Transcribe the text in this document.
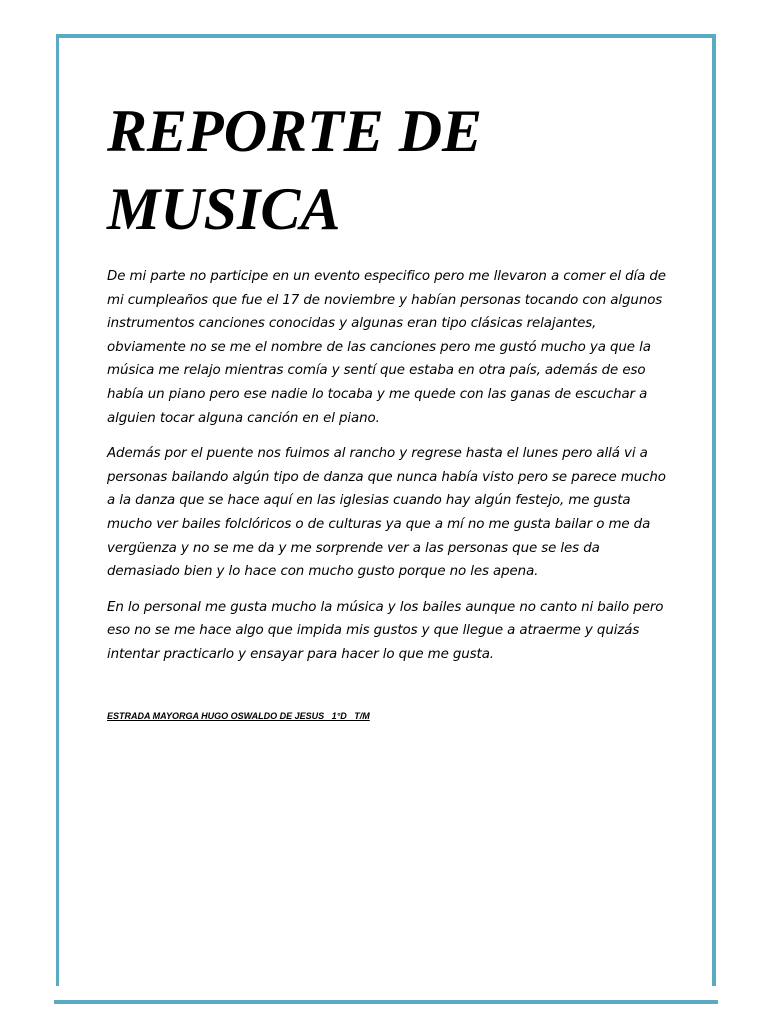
REPORTE DE MUSICA

De mi parte no participe en un evento especifico pero me llevaron a comer el día de mi cumpleaños que fue el 17 de noviembre y habían personas tocando con algunos instrumentos canciones conocidas y algunas eran tipo clásicas relajantes, obviamente no se me el nombre de las canciones pero me gustó mucho ya que la música me relajo mientras comía y sentí que estaba en otra país, además de eso había un piano pero ese nadie lo tocaba y me quede con las ganas de escuchar a alguien tocar alguna canción en el piano.

Además por el puente nos fuimos al rancho y regrese hasta el lunes pero allá vi a personas bailando algún tipo de danza que nunca había visto pero se parece mucho a la danza que se hace aquí en las iglesias cuando hay algún festejo, me gusta mucho ver bailes folclóricos o de culturas ya que a mí no me gusta bailar o me da vergüenza y no se me da y me sorprende ver a las personas que se les da demasiado bien y lo hace con mucho gusto porque no les apena.

En lo personal me gusta mucho la música y los bailes aunque no canto ni bailo pero eso no se me hace algo que impida mis gustos y que llegue a atraerme y quizás intentar practicarlo y ensayar para hacer lo que me gusta.

ESTRADA MAYORGA HUGO OSWALDO DE JESUS   1°D   T/M
